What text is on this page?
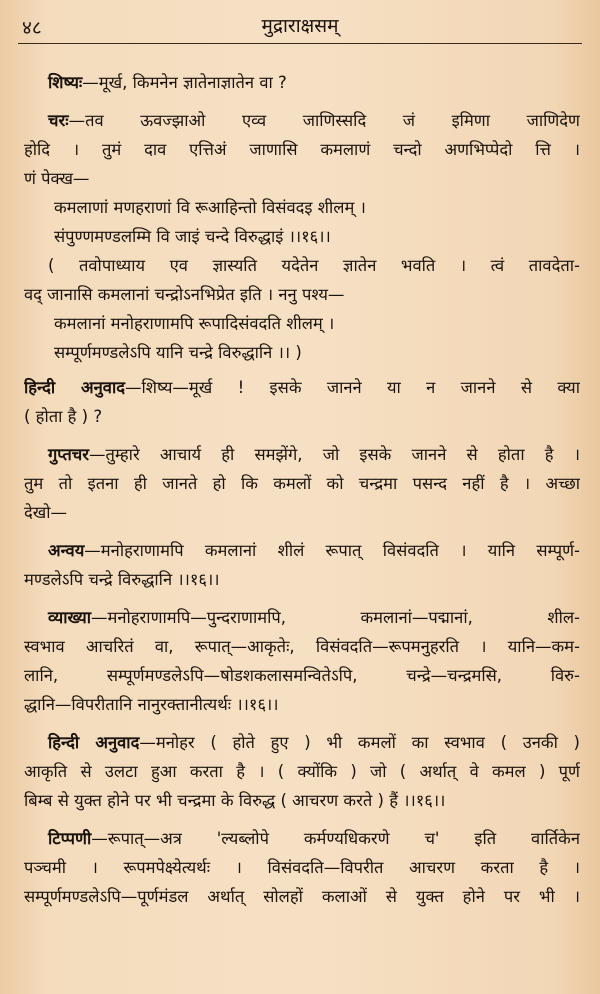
४८	मुद्राराक्षसम्
शिष्यः—मूर्ख, किमनेन ज्ञातेनाज्ञातेन वा ?
चरः—तव ऊवज्झाओ एव्व जाणिस्सदि जं इमिणा जाणिदेण
होदि । तुमं दाव एत्तिअं जाणासि कमलाणं चन्दो अणभिप्पेदो त्ति ।
णं पेक्ख—
कमलाणां मणहराणां वि रूआहिन्तो विसंवदइ शीलम् ।
संपुण्णमण्डलम्मि वि जाइं चन्दे विरुद्धाइं ।।१६।।
( तवोपाध्याय एव ज्ञास्यति यदेतेन ज्ञातेन भवति । त्वं तावदेता-
वद् जानासि कमलानां चन्द्रोऽनभिप्रेत इति । ननु पश्य—
कमलानां मनोहराणामपि रूपादिसंवदति शीलम् ।
सम्पूर्णमण्डलेऽपि यानि चन्द्रे विरुद्धानि ।। )
हिन्दी अनुवाद—शिष्य—मूर्ख ! इसके जानने या न जानने से क्या
( होता है ) ?
गुप्तचर—तुम्हारे आचार्य ही समझेंगे, जो इसके जानने से होता है ।
तुम तो इतना ही जानते हो कि कमलों को चन्द्रमा पसन्द नहीं है । अच्छा
देखो—
अन्वय—मनोहराणामपि कमलानां शीलं रूपात् विसंवदति । यानि सम्पूर्ण-
मण्डलेऽपि चन्द्रे विरुद्धानि ।।१६।।
व्याख्या—मनोहराणामपि—पुन्दराणामपि, कमलानां—पद्मानां, शील-
स्वभाव आचरितं वा, रूपात्—आकृतेः, विसंवदति—रूपमनुहरति । यानि—कम-
लानि, सम्पूर्णमण्डलेऽपि—षोडशकलासमन्वितेऽपि, चन्द्रे—चन्द्रमसि, विरु-
द्धानि—विपरीतानि नानुरक्तानीत्यर्थः ।।१६।।
हिन्दी अनुवाद—मनोहर ( होते हुए ) भी कमलों का स्वभाव ( उनकी )
आकृति से उलटा हुआ करता है । ( क्योंकि ) जो ( अर्थात् वे कमल ) पूर्ण
बिम्ब से युक्त होने पर भी चन्द्रमा के विरुद्ध ( आचरण करते ) हैं ।।१६।।
टिप्पणी—रूपात्—अत्र 'ल्यब्लोपे कर्मण्यधिकरणे च' इति वार्तिकेन
पञ्चमी । रूपमपेक्ष्येत्यर्थः । विसंवदति—विपरीत आचरण करता है ।
सम्पूर्णमण्डलेऽपि—पूर्णमंडल अर्थात् सोलहों कलाओं से युक्त होने पर भी ।
